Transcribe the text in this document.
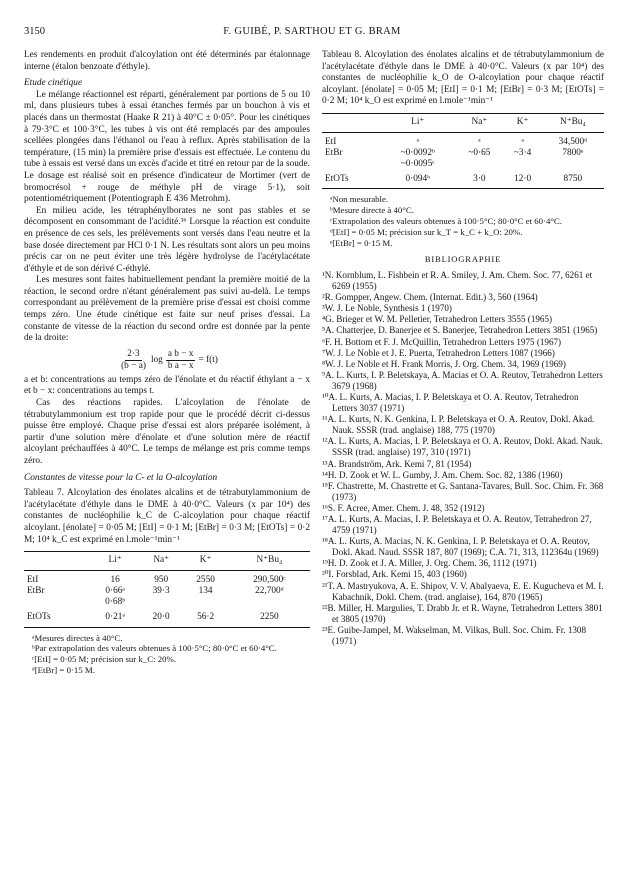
3150	F. GUIBÉ, P. SARTHOU ET G. BRAM

Les rendements en produit d'alcoylation ont été déterminés par étalonnage interne (étalon benzoate d'éthyle).

Etude cinétique

Le mélange réactionnel est réparti, généralement par portions de 5 ou 10 ml, dans plusieurs tubes à essai étanches fermés par un bouchon à vis et placés dans un thermostat (Haake R 21) à 40°C ± 0·05°. Pour les cinétiques à 79·3°C et 100·3°C, les tubes à vis ont été remplacés par des ampoules scellées plongées dans l'éthanol ou l'eau à reflux. Après stabilisation de la température, (15 min) la première prise d'essais est effectuée. Le contenu du tube à essais est versé dans un excès d'acide et titré en retour par de la soude. Le dosage est réalisé soit en présence d'indicateur de Mortimer (vert de bromocrésol + rouge de méthyle pH de virage 5·1), soit potentiométriquement (Potentiograph E 436 Metrohm).

En milieu acide, les tétraphénylborates ne sont pas stables et se décomposent en consommant de l'acidité.³⁶ Lorsque la réaction est conduite en présence de ces sels, les prélèvements sont versés dans l'eau neutre et la base dosée directement par HCl 0·1 N. Les résultats sont alors un peu moins précis car on ne peut éviter une très légère hydrolyse de l'acétylacétate d'éthyle et de son dérivé C-éthylé.

Les mesures sont faites habituellement pendant la première moitié de la réaction, le second ordre n'étant généralement pas suivi au-delà. Le temps correspondant au prélèvement de la première prise d'essai est choisi comme temps zéro. Une étude cinétique est faite sur neuf prises d'essai. La constante de vitesse de la réaction du second ordre est donnée par la pente de la droite:

$\frac{2\cdot 3}{(b - a)}$ $\log \frac{\text{a b − x}}{\text{b a − x}} = f(t)$

a et b: concentrations au temps zéro de l'énolate et du réactif éthylant a − x et b − x: concentrations au temps t.

Cas des réactions rapides. L'alcoylation de l'énolate de tétrabutylammonium est trop rapide pour que le procédé décrit ci-dessus puisse être employé. Chaque prise d'essai est alors préparée isolément, à partir d'une solution mère d'énolate et d'une solution mère de réactif alcoylant préchauffées à 40°C. Le temps de mélange est pris comme temps zéro.

Constantes de vitesse pour la C- et la O-alcoylation

Tableau 7. Alcoylation des énolates alcalins et de tétrabutylammonium de l'acétylacétate d'éthyle dans le DME à 40·0°C. Valeurs (x par 10⁴) des constantes de nucléophilie k_C de C-alcoylation pour chaque réactif alcoylant. [énolate] = 0·05 M; [EtI] = 0·1 M; [EtBr] = 0·3 M; [EtOTs] = 0·2 M; 10⁴ k_C est exprimé en l.mole⁻¹min⁻¹

	Li⁺	Na⁺	K⁺	N⁺Bu₄
EtI	16	950	2550	290,500ᶜ
EtBr	0·66ᵃ	39·3	134	22,700ᵈ
	0·68ᵇ			
EtOTs	0·21ᵃ	20·0	56·2	2250

ᵃMesures directes à 40°C.

ᵇPar extrapolation des valeurs obtenues à 100·5°C; 80·0°C et 60·4°C.

ᶜ[EtI] = 0·05 M; précision sur k_C: 20%.

ᵈ[EtBr] = 0·15 M.

Tableau 8. Alcoylation des énolates alcalins et de tétrabutylammonium de l'acétylacétate d'éthyle dans le DME à 40·0°C. Valeurs (x par 10⁴) des constantes de nucléophilie k_O de O-alcoylation pour chaque réactif alcoylant. [énolate] = 0·05 M; [EtI] = 0·1 M; [EtBr] = 0·3 M; [EtOTs] = 0·2 M; 10⁴ k_O est exprimé en l.mole⁻¹min⁻¹

	Li⁺	Na⁺	K⁺	N⁺Bu₄
EtI	ᵃ	ᵃ	ᵃ	34,500ᵈ
EtBr	~0·0092ᵇ	~0·65	~3·4	7800ᵉ
	~0·0095ᶜ			
EtOTs	0·094ᵇ	3·0	12·0	8750

ᵃNon mesurable.

ᵇMesure directe à 40°C.

ᶜExtrapolation des valeurs obtenues à 100·5°C; 80·0°C et 60·4°C.

ᵈ[EtI] = 0·05 M; précision sur k_T = k_C + k_O: 20%.

ᵉ[EtBr] = 0·15 M.

BIBLIOGRAPHIE

¹N. Kornblum, L. Fishbein et R. A. Smiley, J. Am. Chem. Soc. 77, 6261 et 6269 (1955)

²R. Gompper, Angew. Chem. (Internat. Edit.) 3, 560 (1964)

³W. J. Le Noble, Synthesis 1 (1970)

⁴G. Brieger et W. M. Pelletier, Tetrahedron Letters 3555 (1965)

⁵A. Chatterjee, D. Banerjee et S. Banerjee, Tetrahedron Letters 3851 (1965)

⁶F. H. Bottom et F. J. McQuillin, Tetrahedron Letters 1975 (1967)

⁷W. J. Le Noble et J. E. Puerta, Tetrahedron Letters 1087 (1966)

⁸W. J. Le Noble et H. Frank Morris, J. Org. Chem. 34, 1969 (1969)

⁹A. L. Kurts, I. P. Beletskaya, A. Macias et O. A. Reutov, Tetrahedron Letters 3679 (1968)

¹⁰A. L. Kurts, A. Macias, I. P. Beletskaya et O. A. Reutov, Tetrahedron Letters 3037 (1971)

¹¹A. L. Kurts, N. K. Genkina, I. P. Beletskaya et O. A. Reutov, Dokl. Akad. Nauk. SSSR (trad. anglaise) 188, 775 (1970)

¹²A. L. Kurts, A. Macias, I. P. Beletskaya et O. A. Reutov, Dokl. Akad. Nauk. SSSR (trad. anglaise) 197, 310 (1971)

¹³A. Brandström, Ark. Kemi 7, 81 (1954)

¹⁴H. D. Zook et W. L. Gumby, J. Am. Chem. Soc. 82, 1386 (1960)

¹⁵F. Chastrette, M. Chastrette et G. Santana-Tavares, Bull. Soc. Chim. Fr. 368 (1973)

¹⁶S. F. Acree, Amer. Chem. J. 48, 352 (1912)

¹⁷A. L. Kurts, A. Macias, I. P. Beletskaya et O. A. Reutov, Tetrahedron 27, 4759 (1971)

¹⁸A. L. Kurts, A. Macias, N. K. Genkina, I. P. Beletskaya et O. A. Reutov, Dokl. Akad. Naud. SSSR 187, 807 (1969); C.A. 71, 313, 112364u (1969)

¹⁹H. D. Zook et J. A. Miller, J. Org. Chem. 36, 1112 (1971)

²⁰I. Forsblad, Ark. Kemi 15, 403 (1960)

²¹T. A. Mastryukova, A. E. Shipov, V. V. Abalyaeva, E. E. Kugucheva et M. I. Kabachnik, Dokl. Chem. (trad. anglaise), 164, 870 (1965)

²²B. Miller, H. Margulies, T. Drabb Jr. et R. Wayne, Tetrahedron Letters 3801 et 3805 (1970)

²³E. Guibe-Jampel, M. Wakselman, M. Vilkas, Bull. Soc. Chim. Fr. 1308 (1971)
